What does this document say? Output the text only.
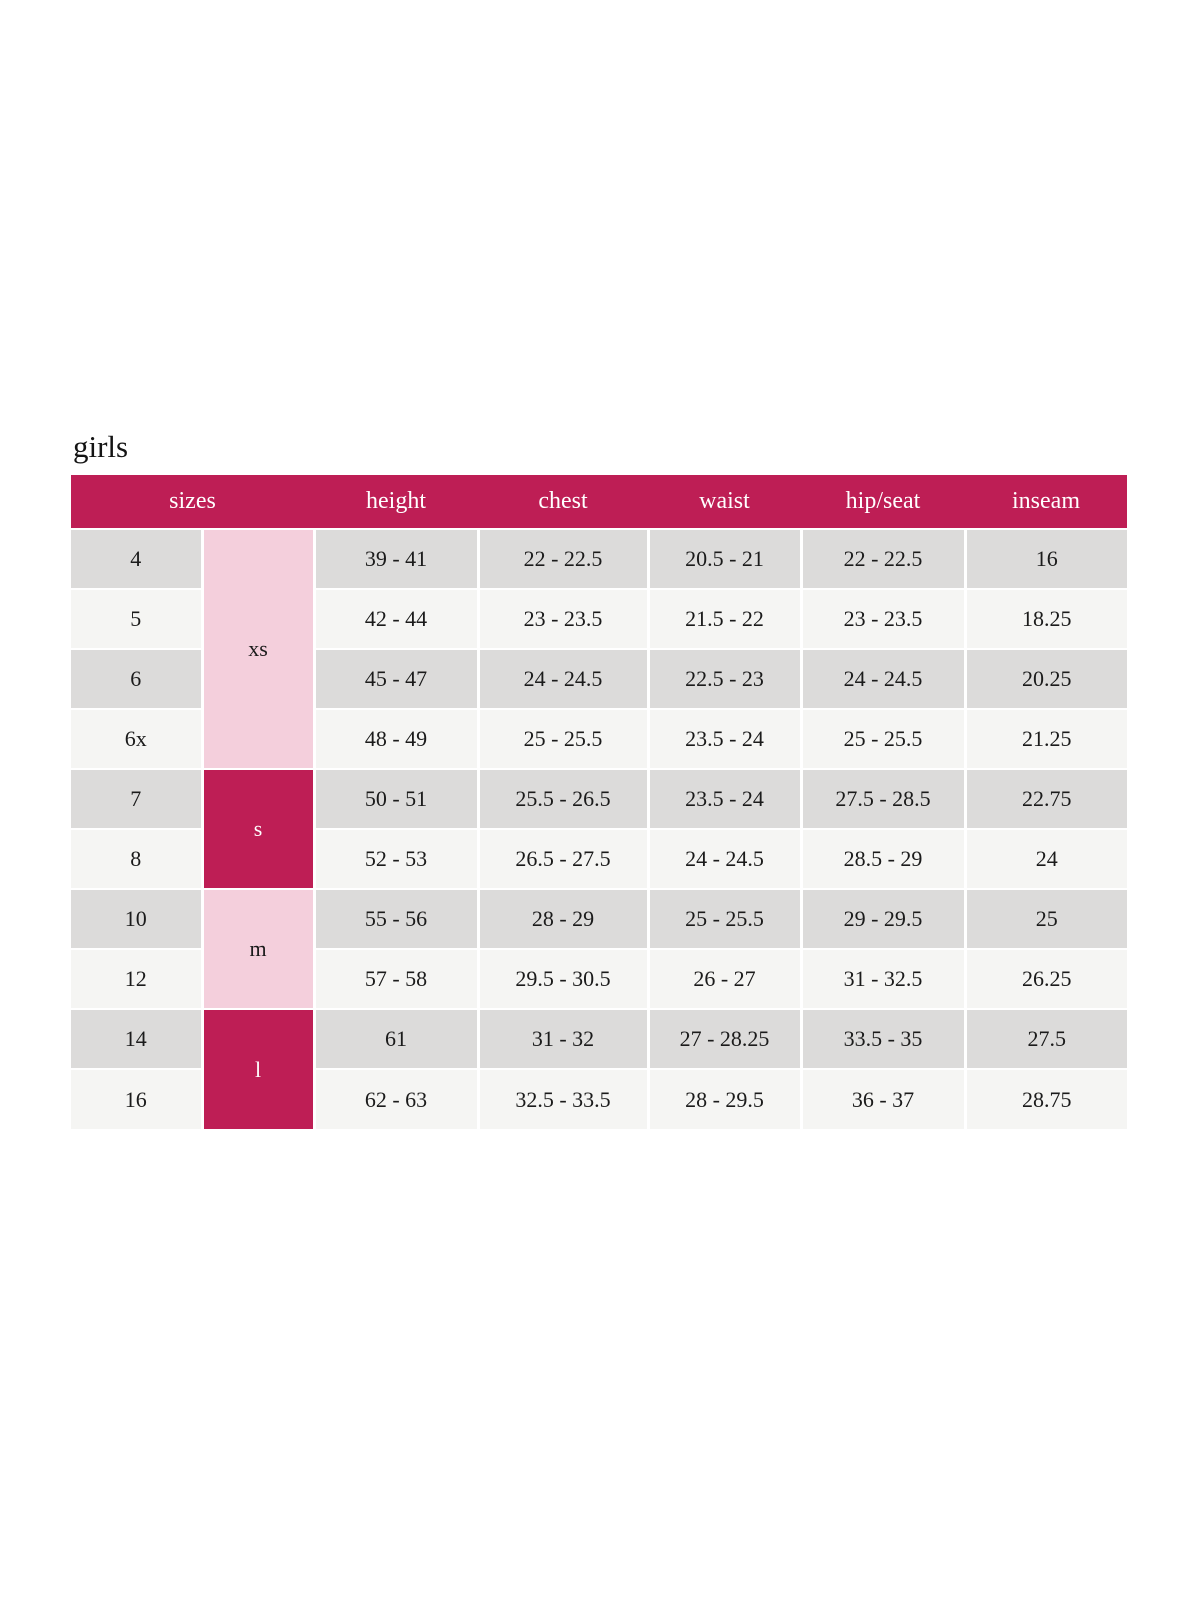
girls
sizes		height	chest	waist	hip/seat	inseam
4	xs	39 - 41	22 - 22.5	20.5 - 21	22 - 22.5	16
5		42 - 44	23 - 23.5	21.5 - 22	23 - 23.5	18.25
6		45 - 47	24 - 24.5	22.5 - 23	24 - 24.5	20.25
6x		48 - 49	25 - 25.5	23.5 - 24	25 - 25.5	21.25
7	s	50 - 51	25.5 - 26.5	23.5 - 24	27.5 - 28.5	22.75
8		52 - 53	26.5 - 27.5	24 - 24.5	28.5 - 29	24
10	m	55 - 56	28 - 29	25 - 25.5	29 - 29.5	25
12		57 - 58	29.5 - 30.5	26 - 27	31 - 32.5	26.25
14	l	61	31 - 32	27 - 28.25	33.5 - 35	27.5
16		62 - 63	32.5 - 33.5	28 - 29.5	36 - 37	28.75
